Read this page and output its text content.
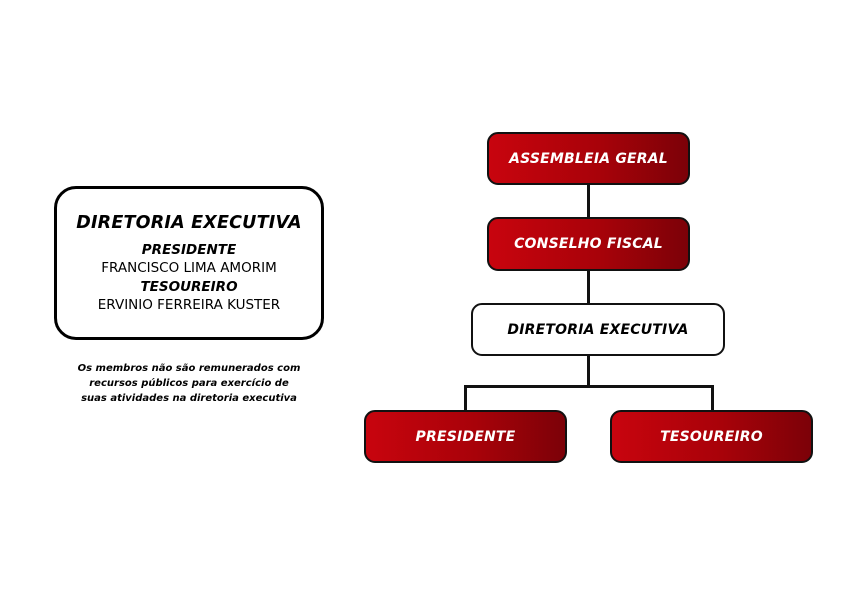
DIRETORIA EXECUTIVA
PRESIDENTE
FRANCISCO LIMA AMORIM
TESOUREIRO
ERVINIO FERREIRA KUSTER
Os membros não são remunerados com
recursos públicos para exercício de
suas atividades na diretoria executiva
ASSEMBLEIA GERAL
CONSELHO FISCAL
DIRETORIA EXECUTIVA
PRESIDENTE	TESOUREIRO
